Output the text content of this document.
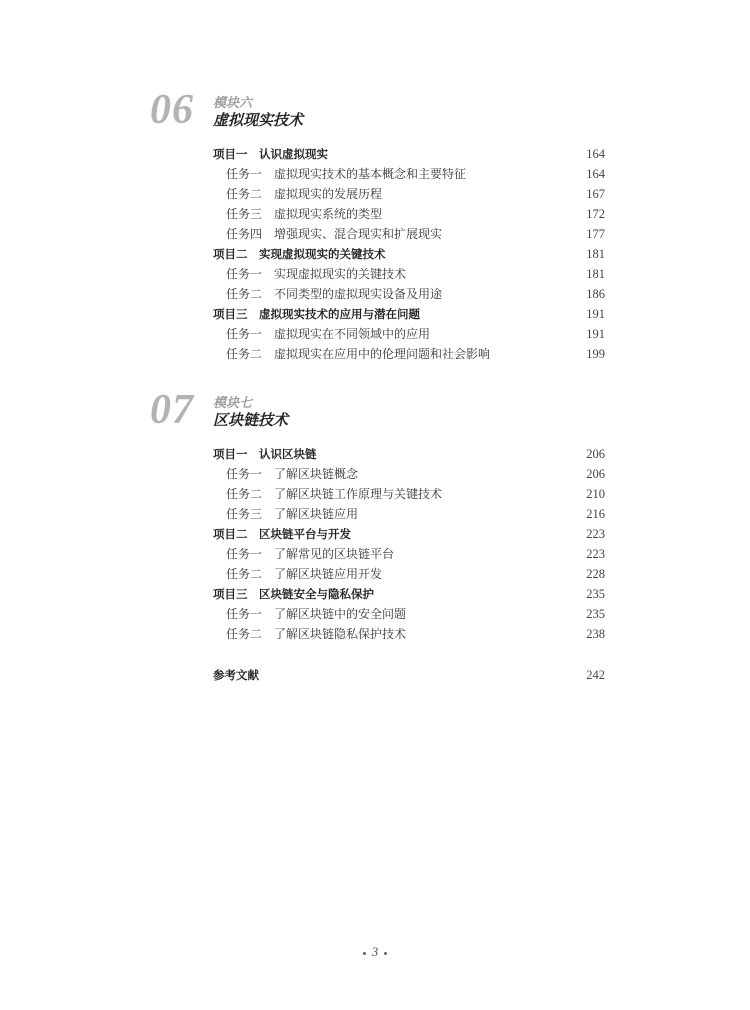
06 模块六
虚拟现实技术
项目一　认识虚拟现实	164
任务一　虚拟现实技术的基本概念和主要特征	164
任务二　虚拟现实的发展历程	167
任务三　虚拟现实系统的类型	172
任务四　增强现实、混合现实和扩展现实	177
项目二　实现虚拟现实的关键技术	181
任务一　实现虚拟现实的关键技术	181
任务二　不同类型的虚拟现实设备及用途	186
项目三　虚拟现实技术的应用与潜在问题	191
任务一　虚拟现实在不同领域中的应用	191
任务二　虚拟现实在应用中的伦理问题和社会影响	199
07 模块七
区块链技术
项目一　认识区块链	206
任务一　了解区块链概念	206
任务二　了解区块链工作原理与关键技术	210
任务三　了解区块链应用	216
项目二　区块链平台与开发	223
任务一　了解常见的区块链平台	223
任务二　了解区块链应用开发	228
项目三　区块链安全与隐私保护	235
任务一　了解区块链中的安全问题	235
任务二　了解区块链隐私保护技术	238
参考文献	242
3
